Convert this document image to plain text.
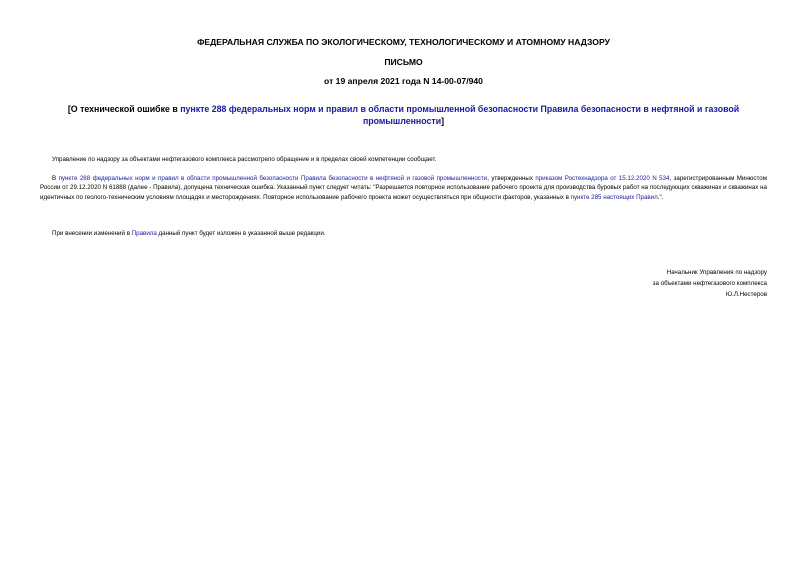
ФЕДЕРАЛЬНАЯ СЛУЖБА ПО ЭКОЛОГИЧЕСКОМУ, ТЕХНОЛОГИЧЕСКОМУ И АТОМНОМУ НАДЗОРУ
ПИСЬМО
от 19 апреля 2021 года N 14-00-07/940
[О технической ошибке в пункте 288 федеральных норм и правил в области промышленной безопасности Правила безопасности в нефтяной и газовой промышленности]
Управление по надзору за объектами нефтегазового комплекса рассмотрело обращение и в пределах своей компетенции сообщает.
В пункте 288 федеральных норм и правил в области промышленной безопасности Правила безопасности в нефтяной и газовой промышленности, утвержденных приказом Ростехнадзора от 15.12.2020 N 534, зарегистрированным Минюстом России от 29.12.2020 N 61888 (далее - Правила), допущена техническая ошибка. Указанный пункт следует читать: "Разрешается повторное использование рабочего проекта для производства буровых работ на последующих скважинах и скважинах на идентичных по геолого-техническим условиям площадях и месторождениях. Повторное использование рабочего проекта может осуществляться при общности факторов, указанных в пункте 285 настоящих Правил.".
При внесении изменений в Правила данный пункт будет изложен в указанной выше редакции.
Начальник Управления по надзору
за объектами нефтегазового комплекса
Ю.Л.Нестеров
